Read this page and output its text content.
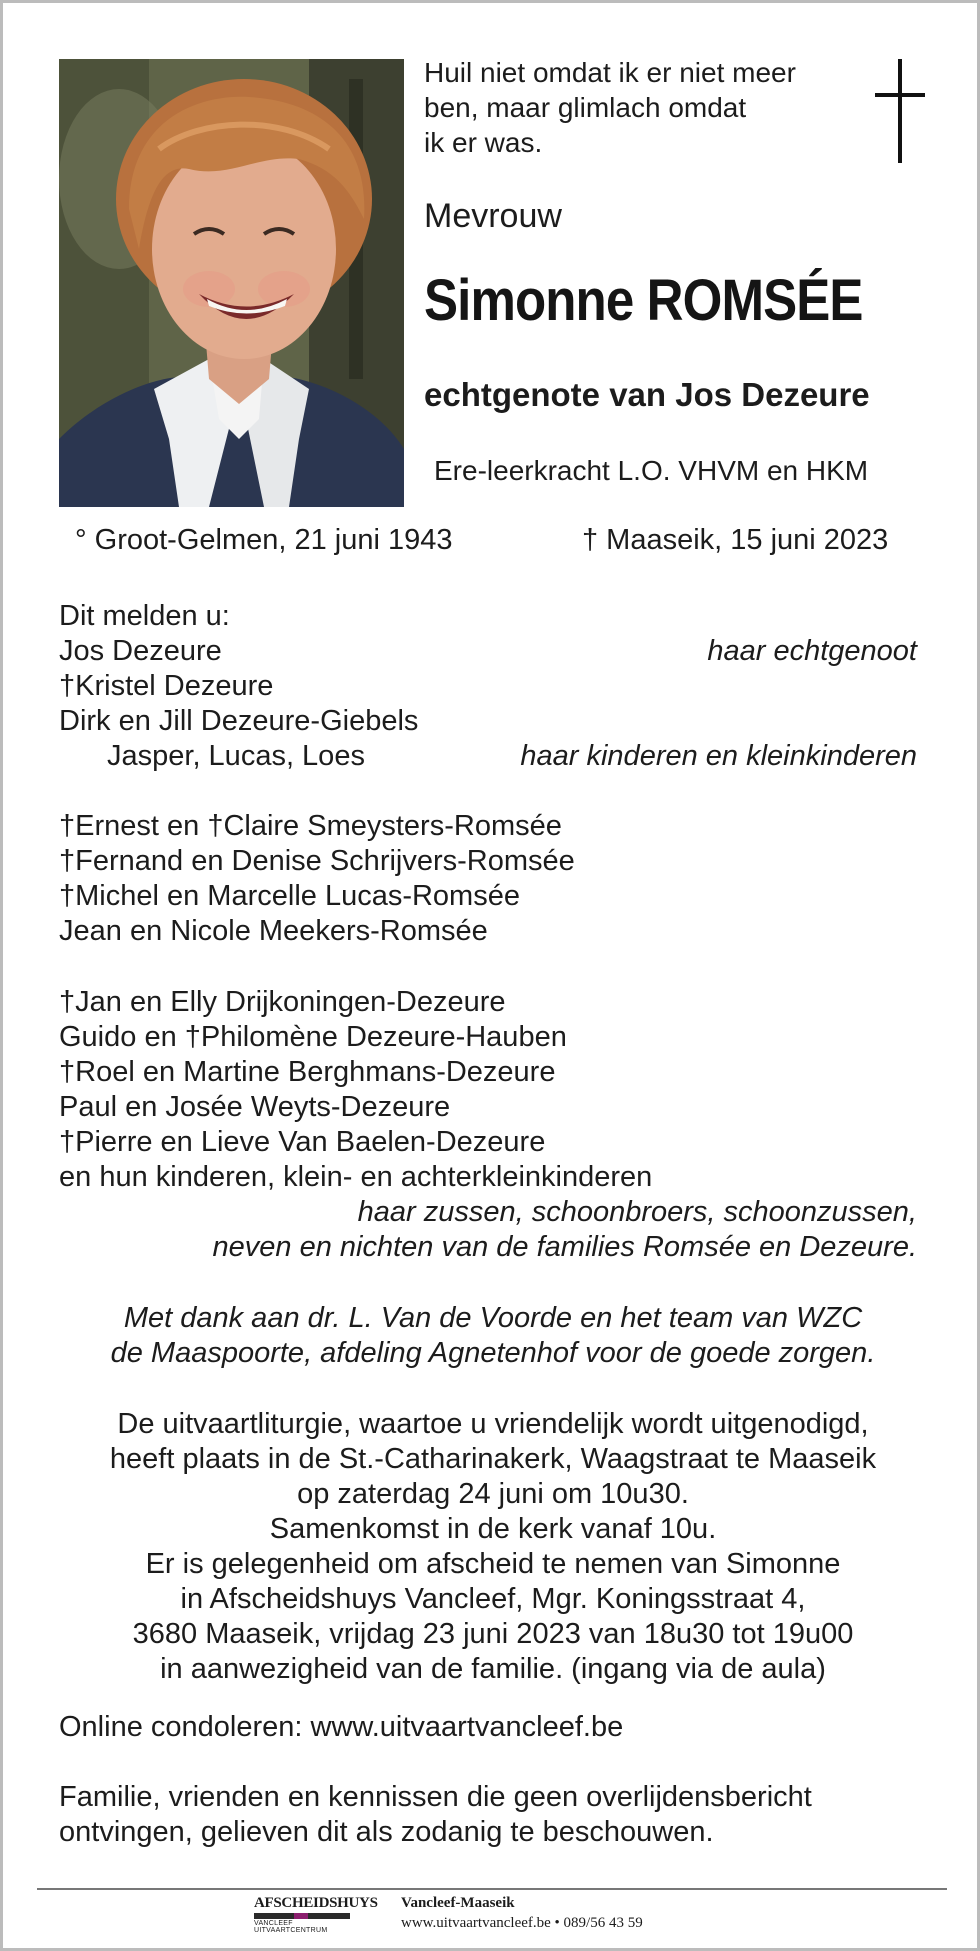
Huil niet omdat ik er niet meer
ben, maar glimlach omdat
ik er was.
Mevrouw
Simonne ROMSÉE
echtgenote van Jos Dezeure
Ere-leerkracht L.O. VHVM en HKM
° Groot-Gelmen, 21 juni 1943	† Maaseik, 15 juni 2023
Dit melden u:
Jos Dezeure	haar echtgenoot
†Kristel Dezeure
Dirk en Jill Dezeure-Giebels
Jasper, Lucas, Loes	haar kinderen en kleinkinderen
†Ernest en †Claire Smeysters-Romsée
†Fernand en Denise Schrijvers-Romsée
†Michel en Marcelle Lucas-Romsée
Jean en Nicole Meekers-Romsée
†Jan en Elly Drijkoningen-Dezeure
Guido en †Philomène Dezeure-Hauben
†Roel en Martine Berghmans-Dezeure
Paul en Josée Weyts-Dezeure
†Pierre en Lieve Van Baelen-Dezeure
en hun kinderen, klein- en achterkleinkinderen
haar zussen, schoonbroers, schoonzussen,
neven en nichten van de families Romsée en Dezeure.
Met dank aan dr. L. Van de Voorde en het team van WZC
de Maaspoorte, afdeling Agnetenhof voor de goede zorgen.
De uitvaartliturgie, waartoe u vriendelijk wordt uitgenodigd,
heeft plaats in de St.-Catharinakerk, Waagstraat te Maaseik
op zaterdag 24 juni om 10u30.
Samenkomst in de kerk vanaf 10u.
Er is gelegenheid om afscheid te nemen van Simonne
in Afscheidshuys Vancleef, Mgr. Koningsstraat 4,
3680 Maaseik, vrijdag 23 juni 2023 van 18u30 tot 19u00
in aanwezigheid van de familie. (ingang via de aula)
Online condoleren: www.uitvaartvancleef.be
Familie, vrienden en kennissen die geen overlijdensbericht
ontvingen, gelieven dit als zodanig te beschouwen.
AFSCHEIDSHUYS
VANCLEEF UITVAARTCENTRUM
Vancleef-Maaseik
www.uitvaartvancleef.be • 089/56 43 59
